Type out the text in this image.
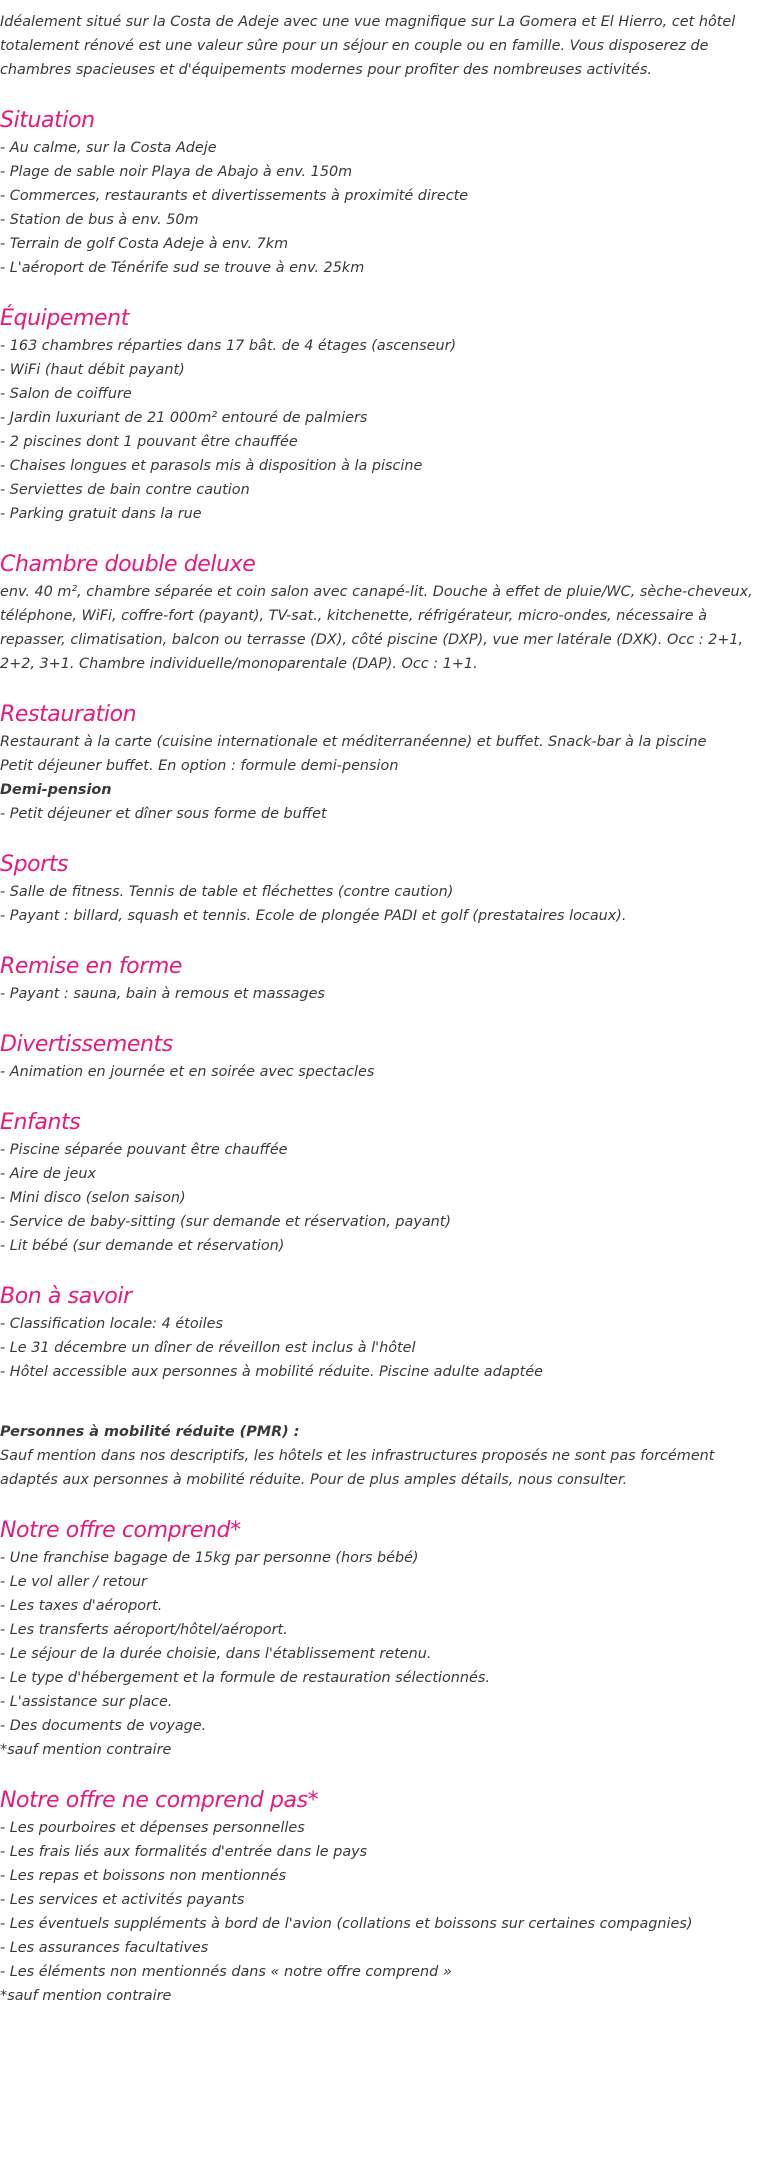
Idéalement situé sur la Costa de Adeje avec une vue magnifique sur La Gomera et El Hierro, cet hôtel totalement rénové est une valeur sûre pour un séjour en couple ou en famille. Vous disposerez de chambres spacieuses et d'équipements modernes pour profiter des nombreuses activités.

Situation
- Au calme, sur la Costa Adeje
- Plage de sable noir Playa de Abajo à env. 150m
- Commerces, restaurants et divertissements à proximité directe
- Station de bus à env. 50m
- Terrain de golf Costa Adeje à env. 7km
- L'aéroport de Ténérife sud se trouve à env. 25km
Équipement
- 163 chambres réparties dans 17 bât. de 4 étages (ascenseur)
- WiFi (haut débit payant)
- Salon de coiffure
- Jardin luxuriant de 21 000m² entouré de palmiers
- 2 piscines dont 1 pouvant être chauffée
- Chaises longues et parasols mis à disposition à la piscine
- Serviettes de bain contre caution
- Parking gratuit dans la rue
Chambre double deluxe

env. 40 m², chambre séparée et coin salon avec canapé-lit. Douche à effet de pluie/WC, sèche-cheveux, téléphone, WiFi, coffre-fort (payant), TV-sat., kitchenette, réfrigérateur, micro-ondes, nécessaire à repasser, climatisation, balcon ou terrasse (DX), côté piscine (DXP), vue mer latérale (DXK). Occ : 2+1, 2+2, 3+1. Chambre individuelle/monoparentale (DAP). Occ : 1+1.

Restauration

Restaurant à la carte (cuisine internationale et méditerranéenne) et buffet. Snack-bar à la piscine

Petit déjeuner buffet. En option : formule demi-pension

Demi-pension

- Petit déjeuner et dîner sous forme de buffet
Sports
- Salle de fitness. Tennis de table et fléchettes (contre caution)
- Payant : billard, squash et tennis. Ecole de plongée PADI et golf (prestataires locaux).
Remise en forme
- Payant : sauna, bain à remous et massages
Divertissements
- Animation en journée et en soirée avec spectacles
Enfants
- Piscine séparée pouvant être chauffée
- Aire de jeux
- Mini disco (selon saison)
- Service de baby-sitting (sur demande et réservation, payant)
- Lit bébé (sur demande et réservation)
Bon à savoir
- Classification locale: 4 étoiles
- Le 31 décembre un dîner de réveillon est inclus à l'hôtel
- Hôtel accessible aux personnes à mobilité réduite. Piscine adulte adaptée

Personnes à mobilité réduite (PMR) :

Sauf mention dans nos descriptifs, les hôtels et les infrastructures proposés ne sont pas forcément adaptés aux personnes à mobilité réduite. Pour de plus amples détails, nous consulter.

Notre offre comprend*
- Une franchise bagage de 15kg par personne (hors bébé)
- Le vol aller / retour
- Les taxes d'aéroport.
- Les transferts aéroport/hôtel/aéroport.
- Le séjour de la durée choisie, dans l'établissement retenu.
- Le type d'hébergement et la formule de restauration sélectionnés.
- L'assistance sur place.
- Des documents de voyage.

*sauf mention contraire

Notre offre ne comprend pas*
- Les pourboires et dépenses personnelles
- Les frais liés aux formalités d'entrée dans le pays
- Les repas et boissons non mentionnés
- Les services et activités payants
- Les éventuels suppléments à bord de l'avion (collations et boissons sur certaines compagnies)
- Les assurances facultatives
- Les éléments non mentionnés dans « notre offre comprend »

*sauf mention contraire
